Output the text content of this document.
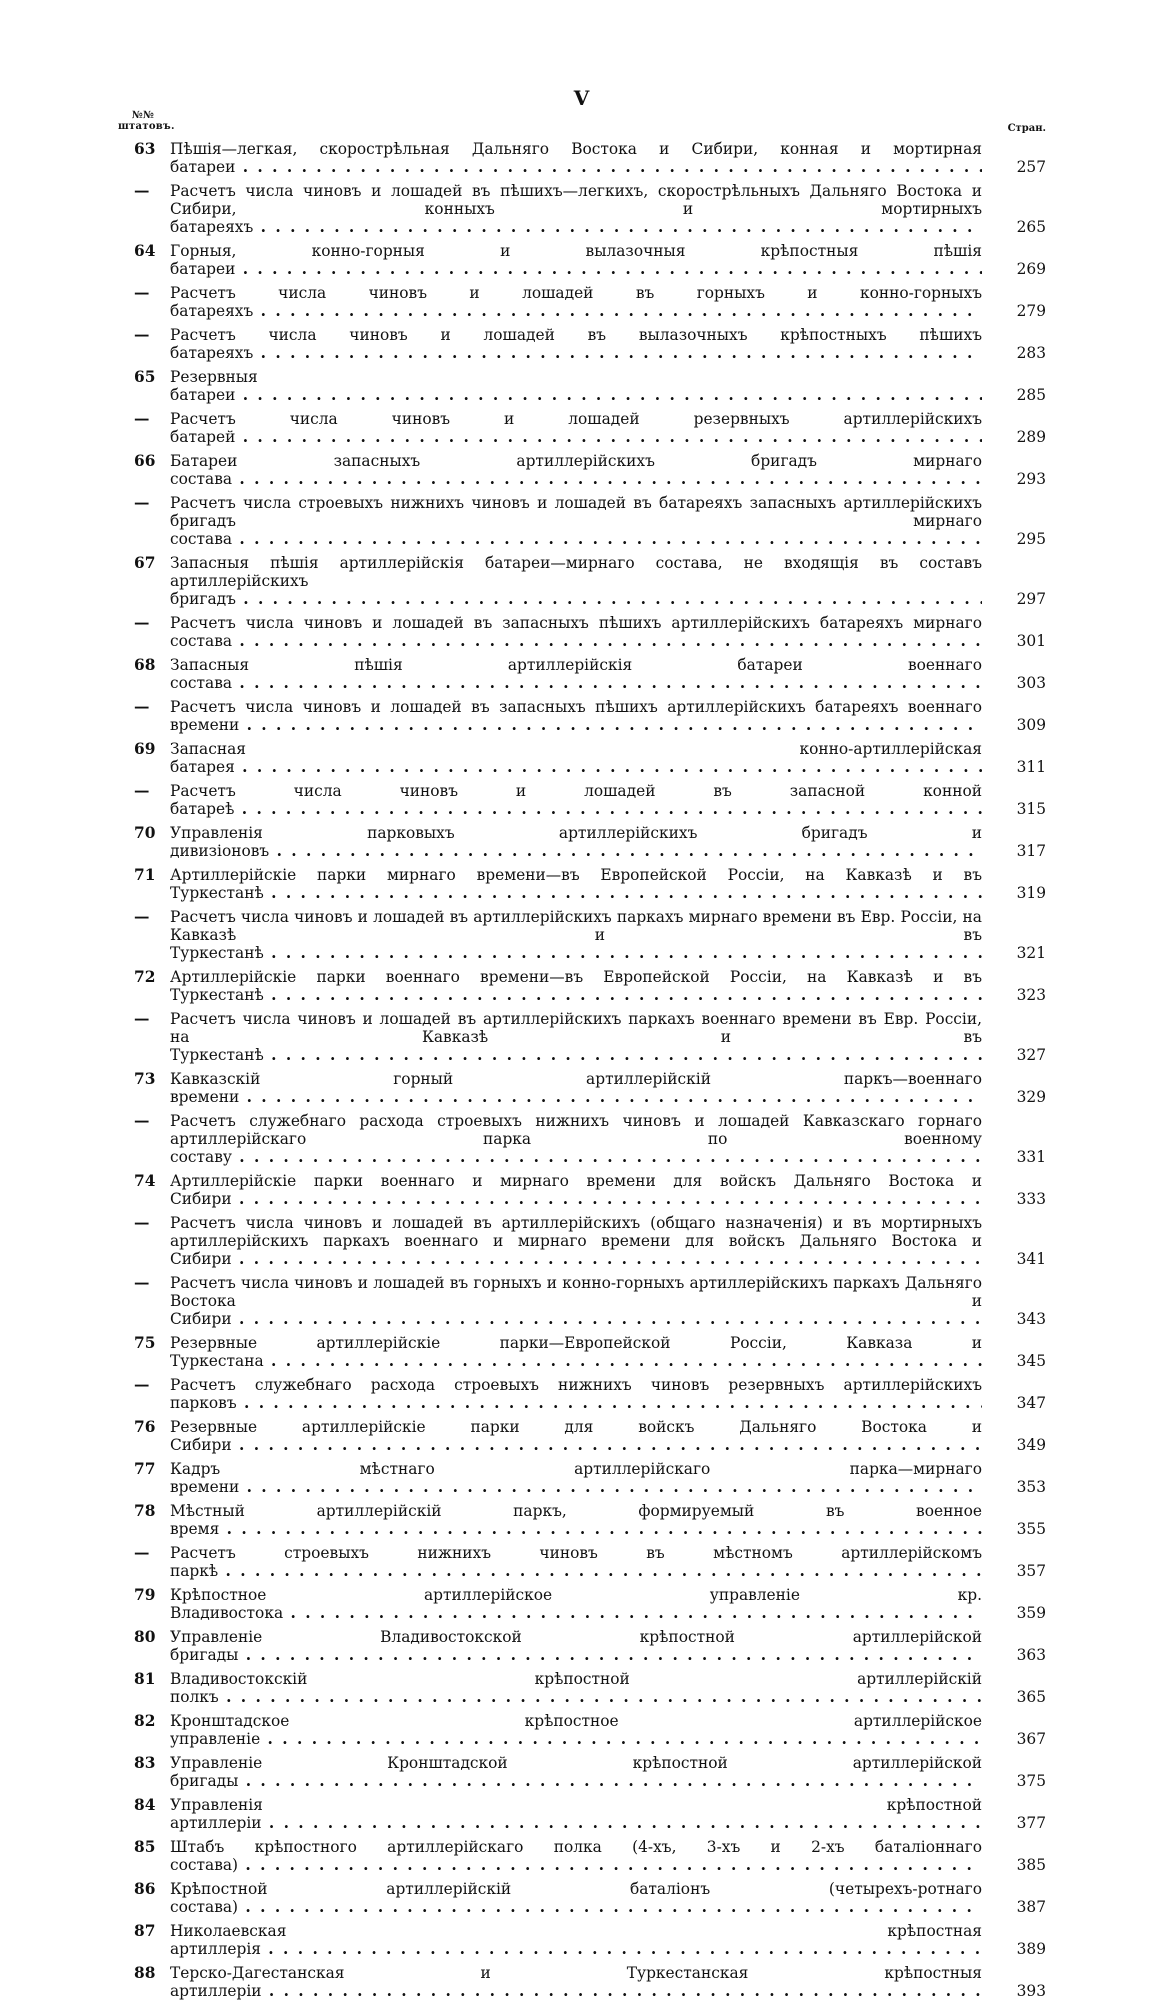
V
№№ штатовъ.	Стран.
63 Пѣшія—легкая, скорострѣльная Дальняго Востока и Сибири, конная и мортирная батареи . . .	257
—	Расчетъ числа чиновъ и лошадей въ пѣшихъ—легкихъ, скорострѣльныхъ Дальняго Востока и Сибири, конныхъ и мортирныхъ батареяхъ . . .	265
64 Горныя, конно-горныя и вылазочныя крѣпостныя пѣшія батареи . . .	269
—	Расчетъ числа чиновъ и лошадей въ горныхъ и конно-горныхъ батареяхъ . . .	279
—	Расчетъ числа чиновъ и лошадей въ вылазочныхъ крѣпостныхъ пѣшихъ батареяхъ . . .	283
65 Резервныя батареи . . .	285
—	Расчетъ числа чиновъ и лошадей резервныхъ артиллерійскихъ батарей . . .	289
66 Батареи запасныхъ артиллерійскихъ бригадъ мирнаго состава . . .	293
—	Расчетъ числа строевыхъ нижнихъ чиновъ и лошадей въ батареяхъ запасныхъ артиллерійскихъ бригадъ мирнаго состава . . .	295
67 Запасныя пѣшія артиллерійскія батареи—мирнаго состава, не входящія въ составъ артиллерійскихъ бригадъ . . .	297
—	Расчетъ числа чиновъ и лошадей въ запасныхъ пѣшихъ артиллерійскихъ батареяхъ мирнаго состава . . .	301
68 Запасныя пѣшія артиллерійскія батареи военнаго состава . . .	303
—	Расчетъ числа чиновъ и лошадей въ запасныхъ пѣшихъ артиллерійскихъ батареяхъ военнаго времени . . .	309
69 Запасная конно-артиллерійская батарея . . .	311
—	Расчетъ числа чиновъ и лошадей въ запасной конной батареѣ . . .	315
70 Управленія парковыхъ артиллерійскихъ бригадъ и дивизіоновъ . . .	317
71 Артиллерійскіе парки мирнаго времени—въ Европейской Россіи, на Кавказѣ и въ Туркестанѣ . . .	319
—	Расчетъ числа чиновъ и лошадей въ артиллерійскихъ паркахъ мирнаго времени въ Евр. Россіи, на Кавказѣ и въ Туркестанѣ . . .	321
72 Артиллерійскіе парки военнаго времени—въ Европейской Россіи, на Кавказѣ и въ Туркестанѣ . . .	323
—	Расчетъ числа чиновъ и лошадей въ артиллерійскихъ паркахъ военнаго времени въ Евр. Россіи, на Кавказѣ и въ Туркестанѣ . . .	327
73 Кавказскій горный артиллерійскій паркъ—военнаго времени . . .	329
—	Расчетъ служебнаго расхода строевыхъ нижнихъ чиновъ и лошадей Кавказскаго горнаго артиллерійскаго парка по военному составу . . .	331
74 Артиллерійскіе парки военнаго и мирнаго времени для войскъ Дальняго Востока и Сибири . . .	333
—	Расчетъ числа чиновъ и лошадей въ артиллерійскихъ (общаго назначенія) и въ мортирныхъ артиллерійскихъ паркахъ военнаго и мирнаго времени для войскъ Дальняго Востока и Сибири . . .	341
—	Расчетъ числа чиновъ и лошадей въ горныхъ и конно-горныхъ артиллерійскихъ паркахъ Дальняго Востока и Сибири . . .	343
75 Резервные артиллерійскіе парки—Европейской Россіи, Кавказа и Туркестана . . .	345
—	Расчетъ служебнаго расхода строевыхъ нижнихъ чиновъ резервныхъ артиллерійскихъ парковъ . . .	347
76 Резервные артиллерійскіе парки для войскъ Дальняго Востока и Сибири . . .	349
77 Кадръ мѣстнаго артиллерійскаго парка—мирнаго времени . . .	353
78 Мѣстный артиллерійскій паркъ, формируемый въ военное время . . .	355
—	Расчетъ строевыхъ нижнихъ чиновъ въ мѣстномъ артиллерійскомъ паркѣ . . .	357
79 Крѣпостное артиллерійское управленіе кр. Владивостока . . .	359
80 Управленіе Владивостокской крѣпостной артиллерійской бригады . . .	363
81 Владивостокскій крѣпостной артиллерійскій полкъ . . .	365
82 Кронштадское крѣпостное артиллерійское управленіе . . .	367
83 Управленіе Кронштадской крѣпостной артиллерійской бригады . . .	375
84 Управленія крѣпостной артиллеріи . . .	377
85 Штабъ крѣпостного артиллерійскаго полка (4-хъ, 3-хъ и 2-хъ баталіоннаго состава) . . .	385
86 Крѣпостной артиллерійскій баталіонъ (четырехъ-ротнаго состава) . . .	387
87 Николаевская крѣпостная артиллерія . . .	389
88 Терско-Дагестанская и Туркестанская крѣпостныя артиллеріи . . .	393
